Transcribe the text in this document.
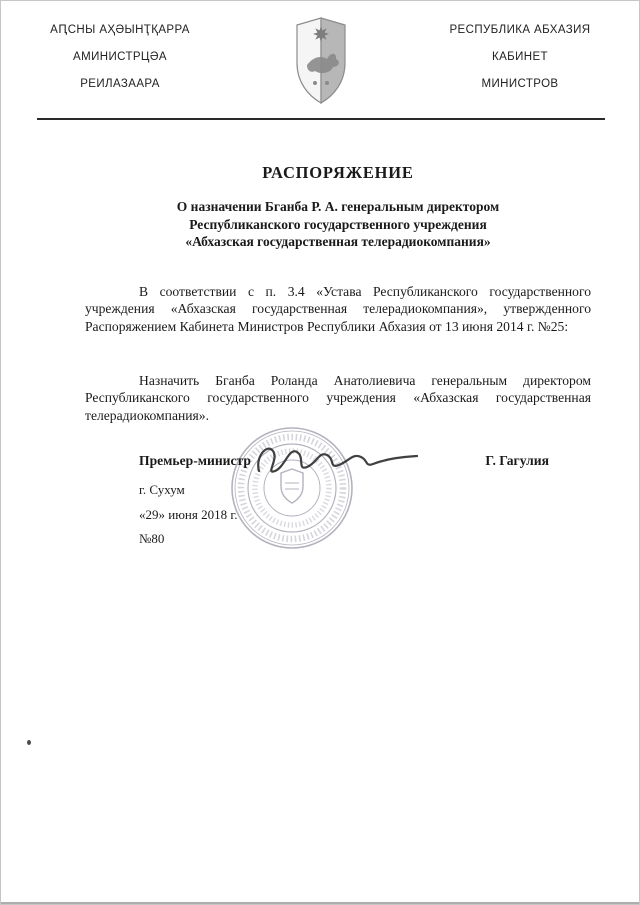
АԤСНЫ АҲӘЫНҬҚАРРА
АМИНИСТРЦӘА
РЕИЛАЗААРА
РЕСПУБЛИКА АБХАЗИЯ
КАБИНЕТ
МИНИСТРОВ
РАСПОРЯЖЕНИЕ
О назначении Бганба Р. А. генеральным директором
Республиканского государственного учреждения
«Абхазская государственная телерадиокомпания»

В соответствии с п. 3.4 «Устава Республиканского государственного учреждения «Абхазская государственная телерадиокомпания», утвержденного Распоряжением Кабинета Министров Республики Абхазия от 13 июня 2014 г. №25:

Назначить Бганба Роланда Анатолиевича генеральным директором Республиканского государственного учреждения «Абхазская государственная телерадиокомпания».

Премьер-министр	Г. Гагулия
г. Сухум
«29» июня 2018 г.
№80
